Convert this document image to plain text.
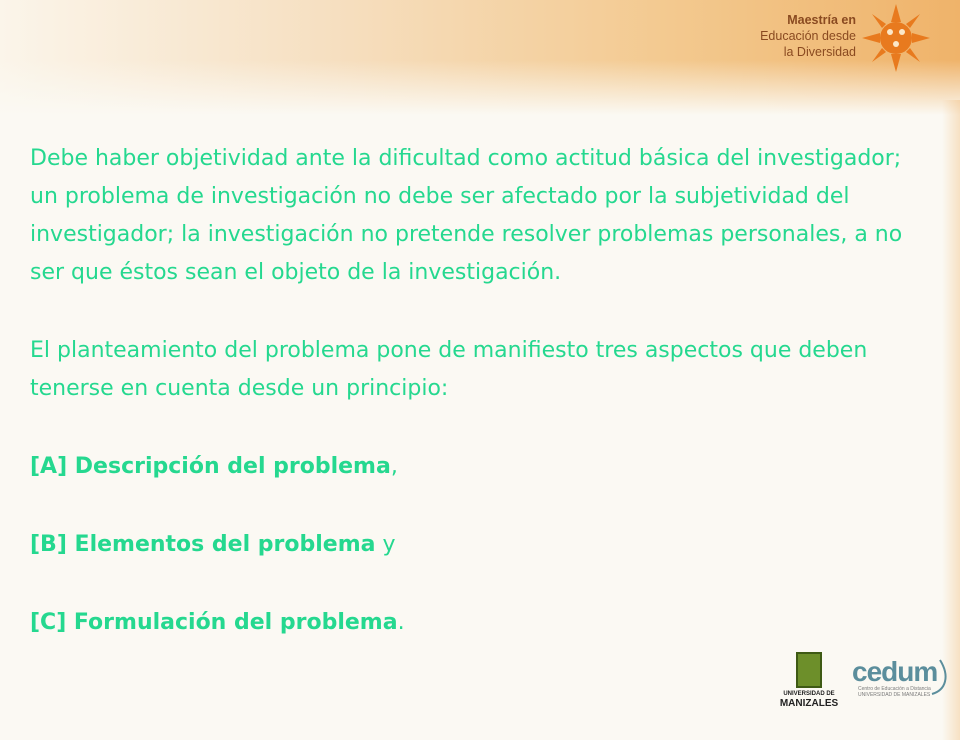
Maestría en
Educación desde
la Diversidad

Debe haber objetividad ante la dificultad como actitud básica del investigador; un problema de investigación no debe ser afectado por la subjetividad del investigador; la investigación no pretende resolver problemas personales, a no ser que éstos sean el objeto de la investigación.

El planteamiento del problema pone de manifiesto tres aspectos que deben tenerse en cuenta desde un principio:

[A] Descripción del problema,

[B] Elementos del problema y

[C] Formulación del problema.

UNIVERSIDAD DE
MANIZALES
cedum
Centro de Educación a Distancia UNIVERSIDAD DE MANIZALES
